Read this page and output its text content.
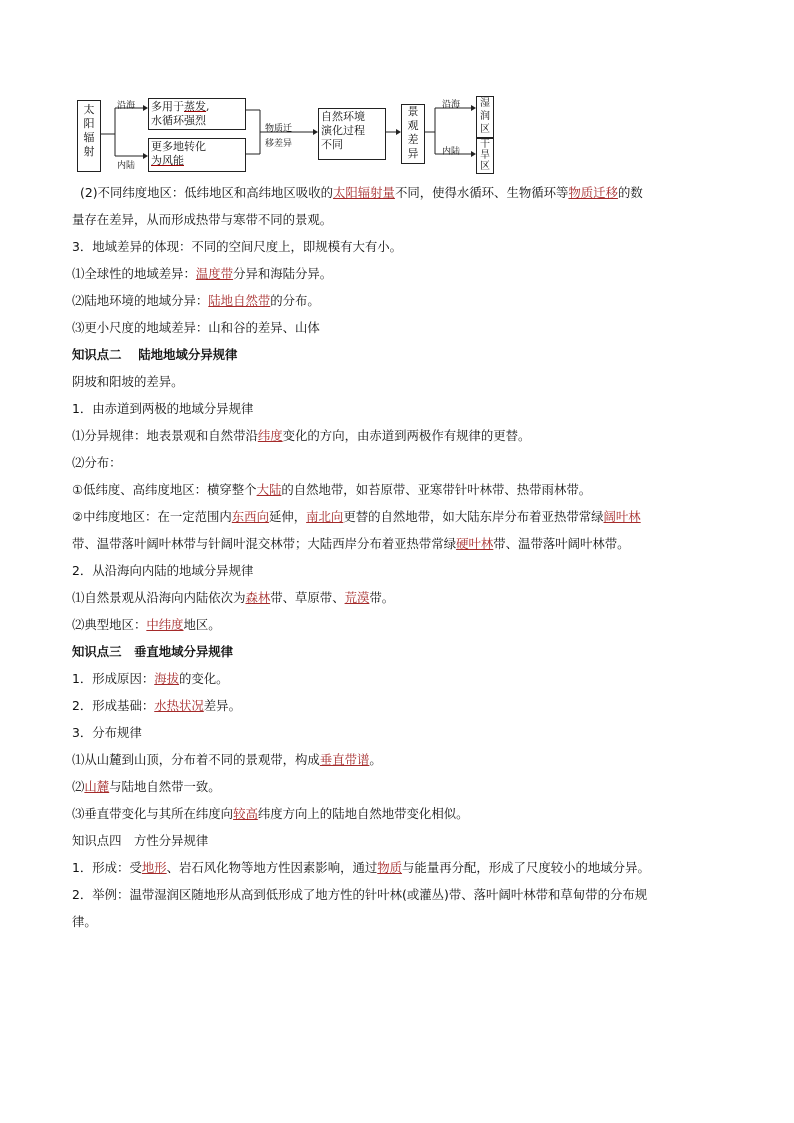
太
阳
辐
射
沿海
内陆
多用于蒸发,
水循环强烈
更多地转化
为风能
物质迁
移差异
自然环境
演化过程
不同
景
观
差
异
沿海
内陆
湿
润
区
干
旱
区
(2)不同纬度地区：低纬地区和高纬地区吸收的太阳辐射量不同，使得水循环、生物循环等物质迁移的数
量存在差异，从而形成热带与寒带不同的景观。
3．地域差异的体现：不同的空间尺度上，即规模有大有小。
⑴全球性的地域差异：温度带分异和海陆分异。
⑵陆地环境的地域分异：陆地自然带的分布。
⑶更小尺度的地域差异：山和谷的差异、山体
知识点二　 陆地地域分异规律
阴坡和阳坡的差异。
1．由赤道到两极的地域分异规律
⑴分异规律：地表景观和自然带沿纬度变化的方向，由赤道到两极作有规律的更替。
⑵分布：
①低纬度、高纬度地区：横穿整个大陆的自然地带，如苔原带、亚寒带针叶林带、热带雨林带。
②中纬度地区：在一定范围内东西向延伸，南北向更替的自然地带，如大陆东岸分布着亚热带常绿阔叶林
带、温带落叶阔叶林带与针阔叶混交林带；大陆西岸分布着亚热带常绿硬叶林带、温带落叶阔叶林带。
2．从沿海向内陆的地域分异规律
⑴自然景观从沿海向内陆依次为森林带、草原带、荒漠带。
⑵典型地区：中纬度地区。
知识点三　垂直地域分异规律
1．形成原因：海拔的变化。
2．形成基础：水热状况差异。
3．分布规律
⑴从山麓到山顶，分布着不同的景观带，构成垂直带谱。
⑵山麓与陆地自然带一致。
⑶垂直带变化与其所在纬度向较高纬度方向上的陆地自然地带变化相似。
知识点四　方性分异规律
1．形成：受地形、岩石风化物等地方性因素影响，通过物质与能量再分配，形成了尺度较小的地域分异。
2．举例：温带湿润区随地形从高到低形成了地方性的针叶林(或灌丛)带、落叶阔叶林带和草甸带的分布规
律。
